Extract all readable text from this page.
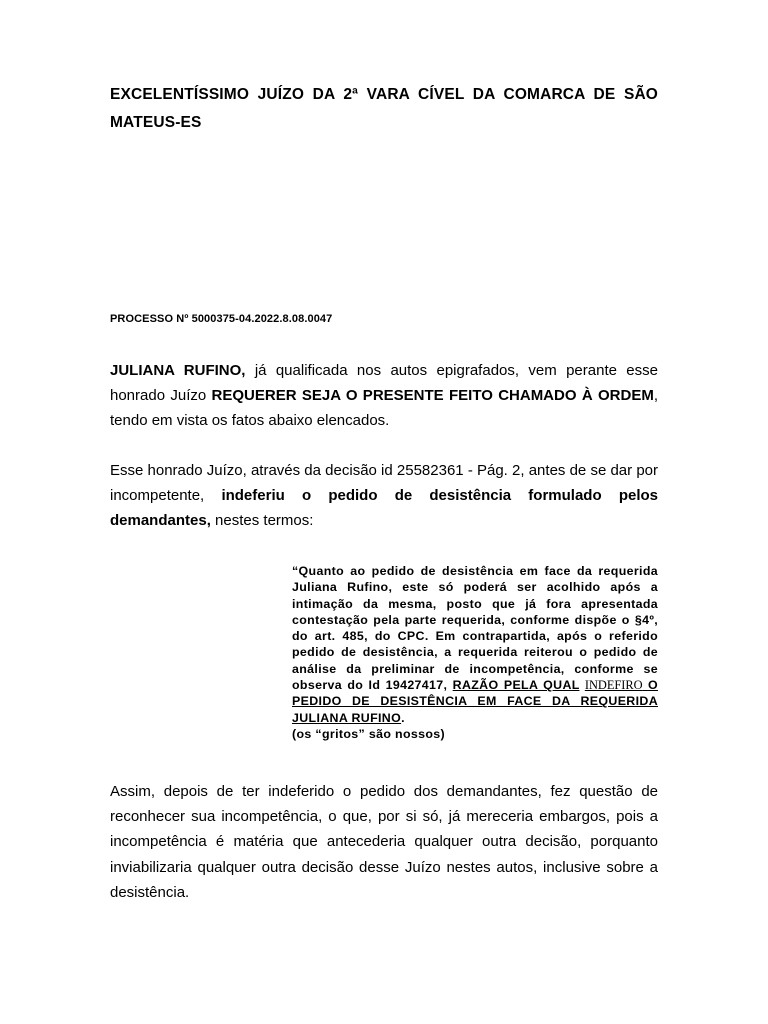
EXCELENTÍSSIMO JUÍZO DA 2ª VARA CÍVEL DA COMARCA DE SÃO MATEUS-ES

PROCESSO Nº 5000375-04.2022.8.08.0047

JULIANA RUFINO, já qualificada nos autos epigrafados, vem perante esse honrado Juízo REQUERER SEJA O PRESENTE FEITO CHAMADO À ORDEM, tendo em vista os fatos abaixo elencados.

Esse honrado Juízo, através da decisão id 25582361 - Pág. 2, antes de se dar por incompetente, indeferiu o pedido de desistência formulado pelos demandantes, nestes termos:

“Quanto ao pedido de desistência em face da requerida Juliana Rufino, este só poderá ser acolhido após a intimação da mesma, posto que já fora apresentada contestação pela parte requerida, conforme dispõe o §4º, do art. 485, do CPC. Em contrapartida, após o referido pedido de desistência, a requerida reiterou o pedido de análise da preliminar de incompetência, conforme se observa do Id 19427417, RAZÃO PELA QUAL INDEFIRO O PEDIDO DE DESISTÊNCIA EM FACE DA REQUERIDA JULIANA RUFINO.
(os “gritos” são nossos)

Assim, depois de ter indeferido o pedido dos demandantes, fez questão de reconhecer sua incompetência, o que, por si só, já mereceria embargos, pois a incompetência é matéria que antecederia qualquer outra decisão, porquanto inviabilizaria qualquer outra decisão desse Juízo nestes autos, inclusive sobre a desistência.
